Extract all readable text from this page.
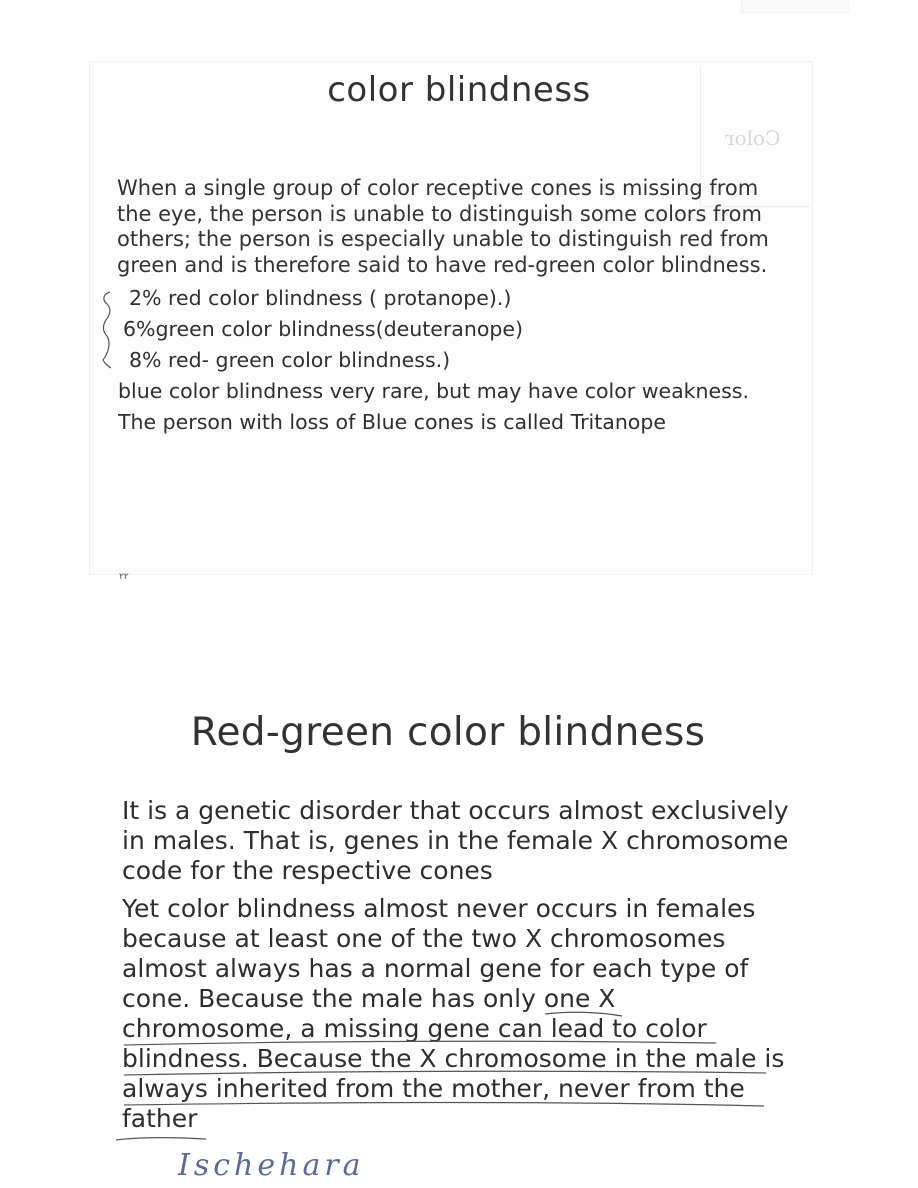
Color
color blindness
When a single group of color receptive cones is missing from the eye, the person is unable to distinguish some colors from others; the person is especially unable to distinguish red from green and is therefore said to have red-green color blindness.
2% red color blindness ( protanope).)
6%green color blindness(deuteranope)
8% red- green color blindness.)
blue color blindness very rare, but may have color weakness.
The person with loss of Blue cones is called Tritanope
۲۲
Red-green color blindness
It is a genetic disorder that occurs almost exclusively in males. That is, genes in the female X chromosome code for the respective cones
Yet color blindness almost never occurs in females because at least one of the two X chromosomes almost always has a normal gene for each type of cone. Because the male has only one X chromosome, a missing gene can lead to color blindness. Because the X chromosome in the male is always inherited from the mother, never from the father
Ischehara
